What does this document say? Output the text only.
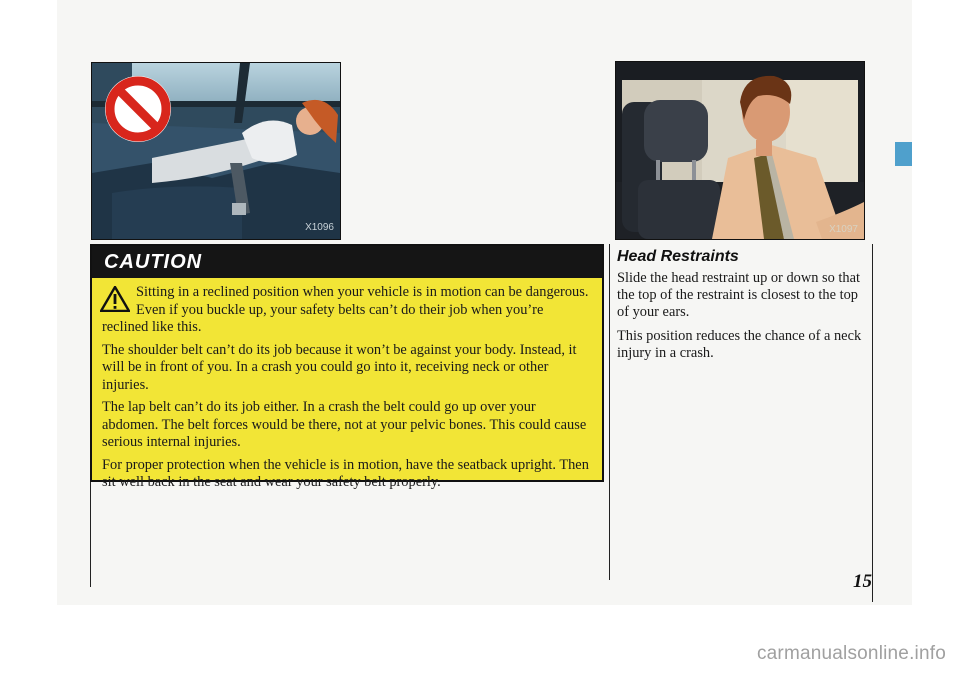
carmanualsonline.info
X1096	X1097
CAUTION

Sitting in a reclined position when your vehicle is in motion can be dangerous. Even if you buckle up, your safety belts can’t do their job when you’re reclined like this.

The shoulder belt can’t do its job because it won’t be against your body. Instead, it will be in front of you. In a crash you could go into it, receiving neck or other injuries.

The lap belt can’t do its job either. In a crash the belt could go up over your abdomen. The belt forces would be there, not at your pelvic bones. This could cause serious internal injuries.

For proper protection when the vehicle is in motion, have the seatback upright. Then sit well back in the seat and wear your safety belt properly.

Head Restraints

Slide the head restraint up or down so that the top of the restraint is closest to the top of your ears.

This position reduces the chance of a neck injury in a crash.

15
